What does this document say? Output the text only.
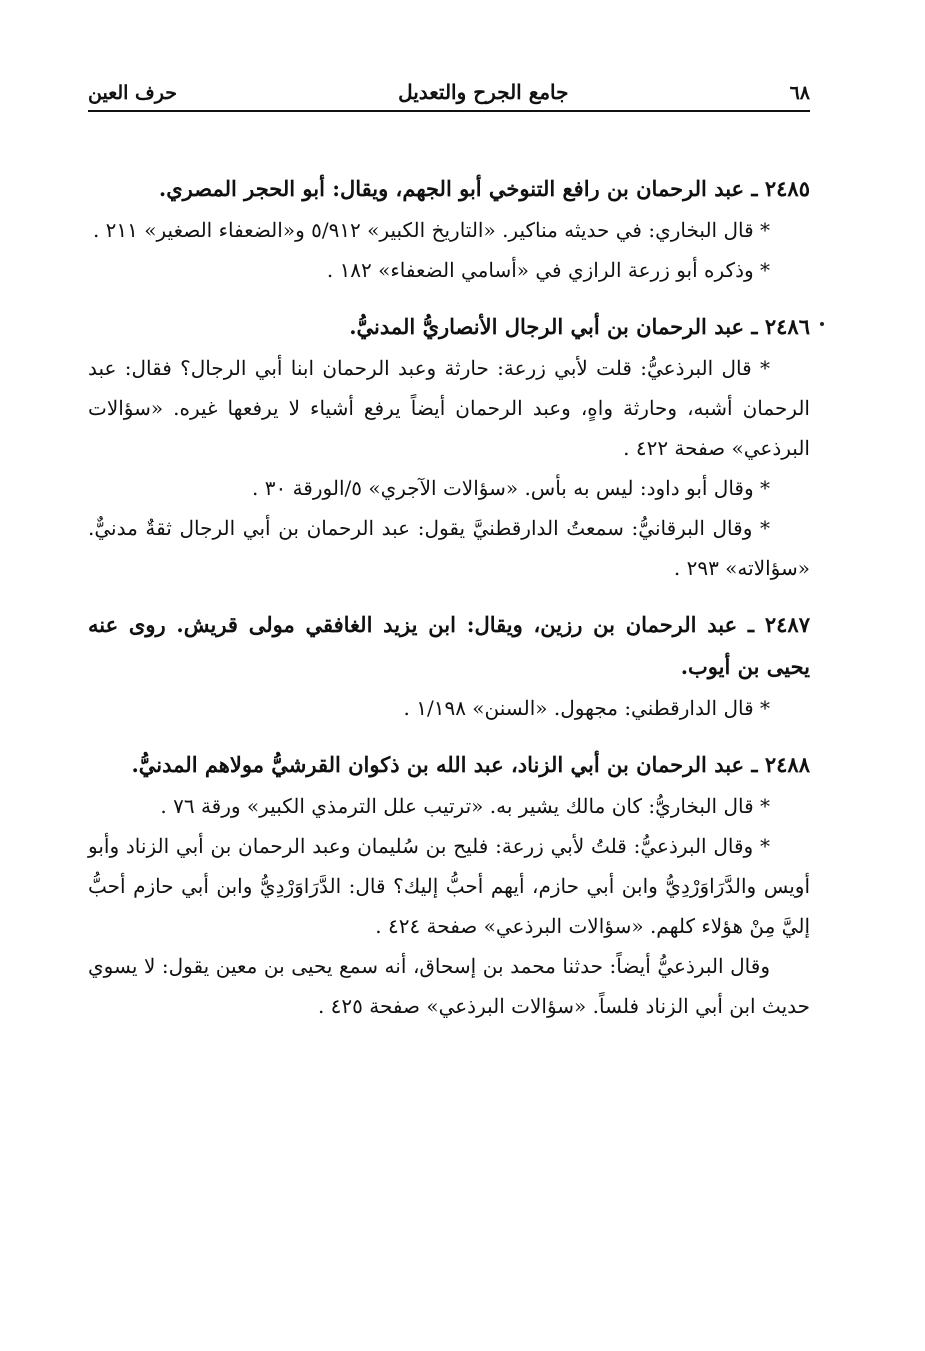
٦٨
جامع الجرح والتعديل
حرف العين
٢٤٨٥ ـ عبد الرحمان بن رافع التنوخي أبو الجهم، ويقال: أبو الحجر المصري.

* قال البخاري: في حديثه مناكير. «التاريخ الكبير» ٥/٩١٢ و«الضعفاء الصغير» ٢١١ .

* وذكره أبو زرعة الرازي في «أسامي الضعفاء» ١٨٢ .

٢٤٨٦ ـ عبد الرحمان بن أبي الرجال الأنصاريُّ المدنيُّ.

* قال البرذعيُّ: قلت لأبي زرعة: حارثة وعبد الرحمان ابنا أبي الرجال؟ فقال: عبد الرحمان أشبه، وحارثة واهٍ، وعبد الرحمان أيضاً يرفع أشياء لا يرفعها غيره. «سؤالات البرذعي» صفحة ٤٢٢ .

* وقال أبو داود: ليس به بأس. «سؤالات الآجري» ٥/الورقة ٣٠ .

* وقال البرقانيُّ: سمعتُ الدارقطنيَّ يقول: عبد الرحمان بن أبي الرجال ثقةٌ مدنيٌّ. «سؤالاته» ٢٩٣ .

٢٤٨٧ ـ عبد الرحمان بن رزين، ويقال: ابن يزيد الغافقي مولى قريش. روى عنه يحيى بن أيوب.

* قال الدارقطني: مجهول. «السنن» ١/١٩٨ .

٢٤٨٨ ـ عبد الرحمان بن أبي الزناد، عبد الله بن ذكوان القرشيُّ مولاهم المدنيُّ.

* قال البخاريُّ: كان مالك يشير به. «ترتيب علل الترمذي الكبير» ورقة ٧٦ .

* وقال البرذعيُّ: قلتُ لأبي زرعة: فليح بن سُليمان وعبد الرحمان بن أبي الزناد وأبو أويس والدَّرَاوَرْدِيُّ وابن أبي حازم، أيهم أحبُّ إليك؟ قال: الدَّرَاوَرْدِيُّ وابن أبي حازم أحبُّ إليَّ مِنْ هؤلاء كلهم. «سؤالات البرذعي» صفحة ٤٢٤ .

وقال البرذعيُّ أيضاً: حدثنا محمد بن إسحاق، أنه سمع يحيى بن معين يقول: لا يسوي حديث ابن أبي الزناد فلساً. «سؤالات البرذعي» صفحة ٤٢٥ .
